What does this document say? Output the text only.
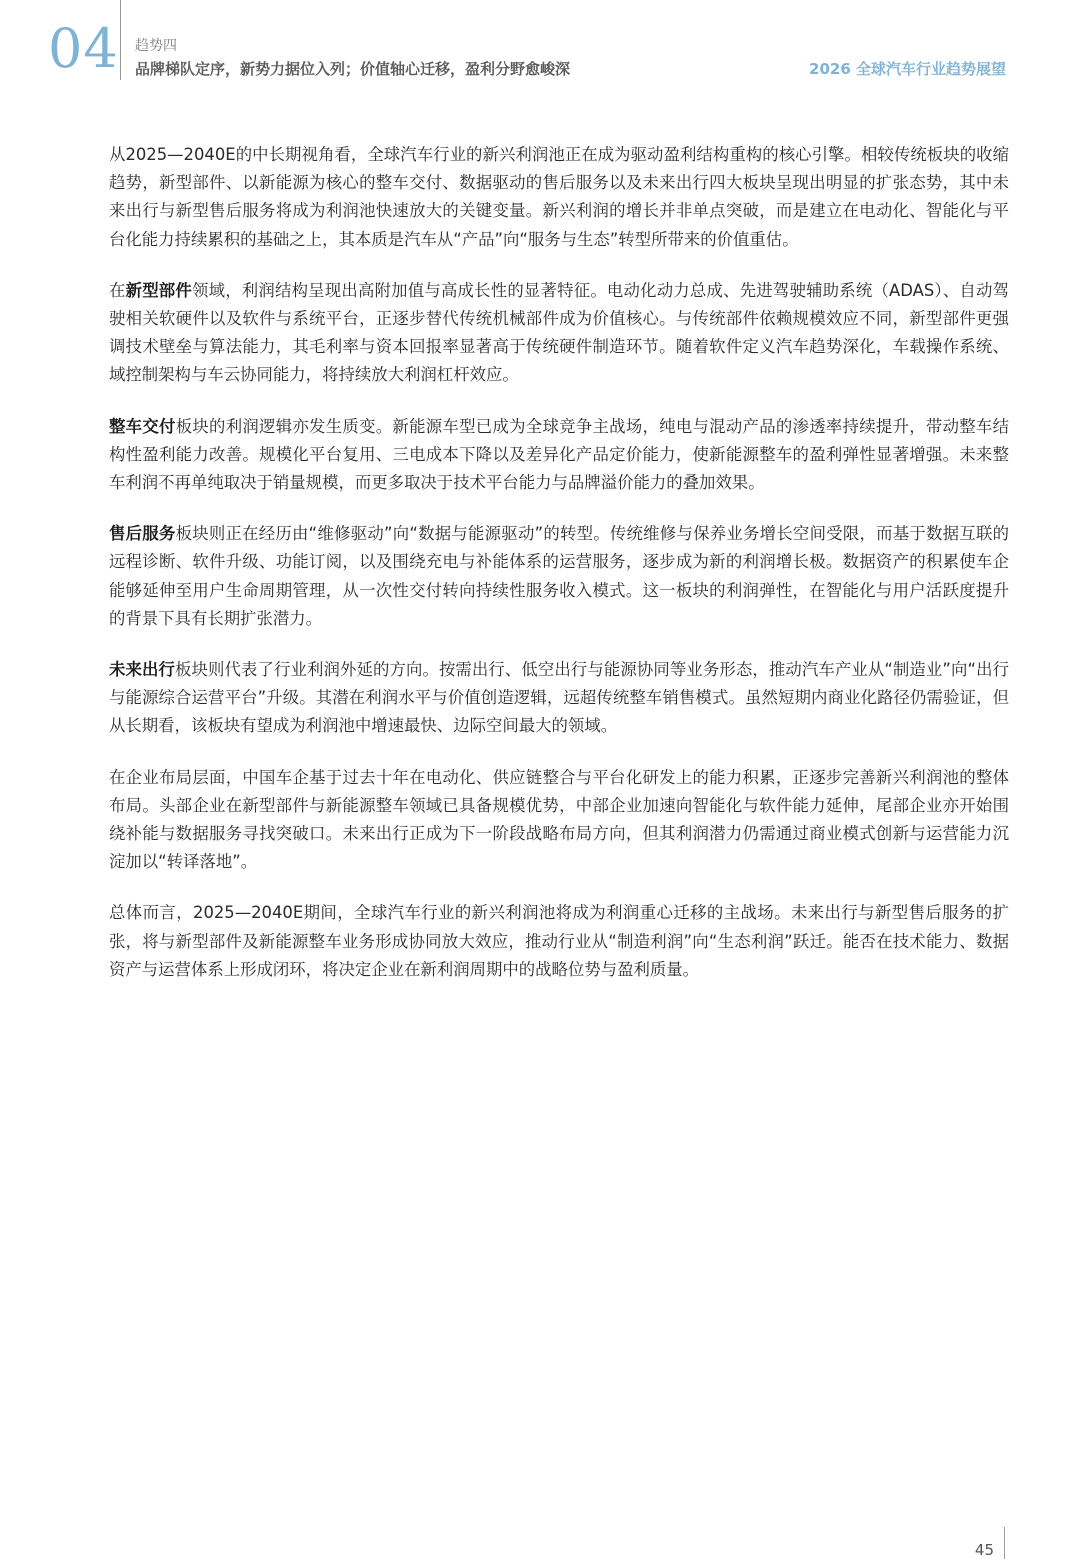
04 趋势四
品牌梯队定序，新势力据位入列；价值轴心迁移，盈利分野愈峻深	2026 全球汽车行业趋势展望

从2025—2040E的中长期视角看，全球汽车行业的新兴利润池正在成为驱动盈利结构重构的核心引擎。相较传统板块的收缩趋势，新型部件、以新能源为核心的整车交付、数据驱动的售后服务以及未来出行四大板块呈现出明显的扩张态势，其中未来出行与新型售后服务将成为利润池快速放大的关键变量。新兴利润的增长并非单点突破，而是建立在电动化、智能化与平台化能力持续累积的基础之上，其本质是汽车从“产品”向“服务与生态”转型所带来的价值重估。

在新型部件领域，利润结构呈现出高附加值与高成长性的显著特征。电动化动力总成、先进驾驶辅助系统（ADAS）、自动驾驶相关软硬件以及软件与系统平台，正逐步替代传统机械部件成为价值核心。与传统部件依赖规模效应不同，新型部件更强调技术壁垒与算法能力，其毛利率与资本回报率显著高于传统硬件制造环节。随着软件定义汽车趋势深化，车载操作系统、域控制架构与车云协同能力，将持续放大利润杠杆效应。

整车交付板块的利润逻辑亦发生质变。新能源车型已成为全球竞争主战场，纯电与混动产品的渗透率持续提升，带动整车结构性盈利能力改善。规模化平台复用、三电成本下降以及差异化产品定价能力，使新能源整车的盈利弹性显著增强。未来整车利润不再单纯取决于销量规模，而更多取决于技术平台能力与品牌溢价能力的叠加效果。

售后服务板块则正在经历由“维修驱动”向“数据与能源驱动”的转型。传统维修与保养业务增长空间受限，而基于数据互联的远程诊断、软件升级、功能订阅，以及围绕充电与补能体系的运营服务，逐步成为新的利润增长极。数据资产的积累使车企能够延伸至用户生命周期管理，从一次性交付转向持续性服务收入模式。这一板块的利润弹性，在智能化与用户活跃度提升的背景下具有长期扩张潜力。

未来出行板块则代表了行业利润外延的方向。按需出行、低空出行与能源协同等业务形态，推动汽车产业从“制造业”向“出行与能源综合运营平台”升级。其潜在利润水平与价值创造逻辑，远超传统整车销售模式。虽然短期内商业化路径仍需验证，但从长期看，该板块有望成为利润池中增速最快、边际空间最大的领域。

在企业布局层面，中国车企基于过去十年在电动化、供应链整合与平台化研发上的能力积累，正逐步完善新兴利润池的整体布局。头部企业在新型部件与新能源整车领域已具备规模优势，中部企业加速向智能化与软件能力延伸，尾部企业亦开始围绕补能与数据服务寻找突破口。未来出行正成为下一阶段战略布局方向，但其利润潜力仍需通过商业模式创新与运营能力沉淀加以“转译落地”。

总体而言，2025—2040E期间，全球汽车行业的新兴利润池将成为利润重心迁移的主战场。未来出行与新型售后服务的扩张，将与新型部件及新能源整车业务形成协同放大效应，推动行业从“制造利润”向“生态利润”跃迁。能否在技术能力、数据资产与运营体系上形成闭环，将决定企业在新利润周期中的战略位势与盈利质量。

45
